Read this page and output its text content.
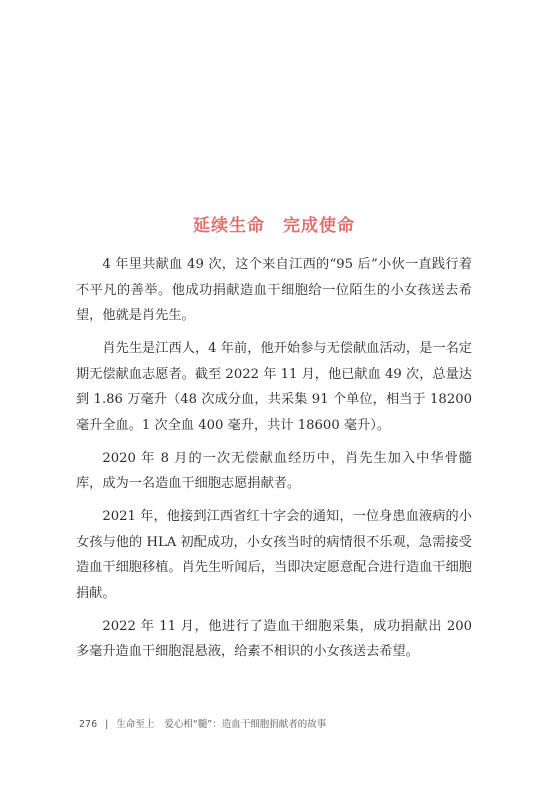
延续生命　完成使命

4 年里共献血 49 次，这个来自江西的“95 后”小伙一直践行着不平凡的善举。他成功捐献造血干细胞给一位陌生的小女孩送去希望，他就是肖先生。

肖先生是江西人，4 年前，他开始参与无偿献血活动，是一名定期无偿献血志愿者。截至 2022 年 11 月，他已献血 49 次，总量达到 1.86 万毫升（48 次成分血，共采集 91 个单位，相当于 18200 毫升全血。1 次全血 400 毫升，共计 18600 毫升）。

2020 年 8 月的一次无偿献血经历中，肖先生加入中华骨髓库，成为一名造血干细胞志愿捐献者。

2021 年，他接到江西省红十字会的通知，一位身患血液病的小女孩与他的 HLA 初配成功，小女孩当时的病情很不乐观，急需接受造血干细胞移植。肖先生听闻后，当即决定愿意配合进行造血干细胞捐献。

2022 年 11 月，他进行了造血干细胞采集，成功捐献出 200 多毫升造血干细胞混悬液，给素不相识的小女孩送去希望。

276 | 生命至上 爱心相“髓”：造血干细胞捐献者的故事
